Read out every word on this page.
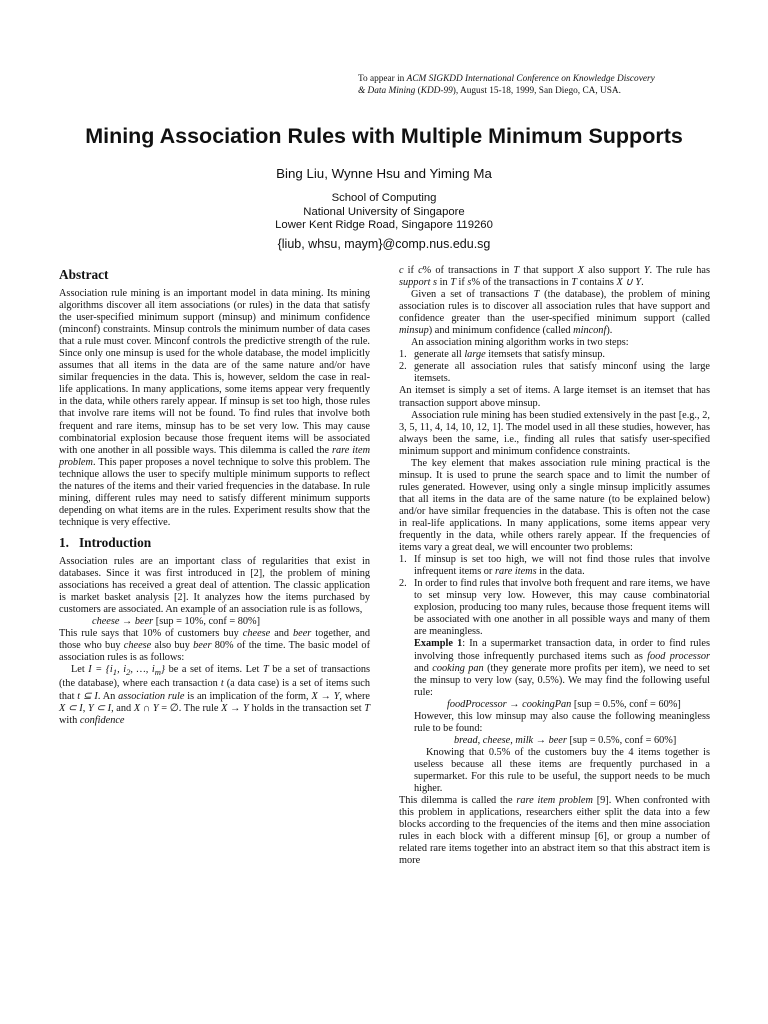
To appear in ACM SIGKDD International Conference on Knowledge Discovery
& Data Mining (KDD-99), August 15-18, 1999, San Diego, CA, USA.
Mining Association Rules with Multiple Minimum Supports
Bing Liu, Wynne Hsu and Yiming Ma
School of Computing
National University of Singapore
Lower Kent Ridge Road, Singapore 119260
{liub, whsu, maym}@comp.nus.edu.sg
Abstract

Association rule mining is an important model in data mining. Its mining algorithms discover all item associations (or rules) in the data that satisfy the user-specified minimum support (minsup) and minimum confidence (minconf) constraints. Minsup controls the minimum number of data cases that a rule must cover. Minconf controls the predictive strength of the rule. Since only one minsup is used for the whole database, the model implicitly assumes that all items in the data are of the same nature and/or have similar frequencies in the data. This is, however, seldom the case in real-life applications. In many applications, some items appear very frequently in the data, while others rarely appear. If minsup is set too high, those rules that involve rare items will not be found. To find rules that involve both frequent and rare items, minsup has to be set very low. This may cause combinatorial explosion because those frequent items will be associated with one another in all possible ways. This dilemma is called the rare item problem. This paper proposes a novel technique to solve this problem. The technique allows the user to specify multiple minimum supports to reflect the natures of the items and their varied frequencies in the database. In rule mining, different rules may need to satisfy different minimum supports depending on what items are in the rules. Experiment results show that the technique is very effective.

1. Introduction

Association rules are an important class of regularities that exist in databases. Since it was first introduced in [2], the problem of mining associations has received a great deal of attention. The classic application is market basket analysis [2]. It analyzes how the items purchased by customers are associated. An example of an association rule is as follows,

cheese → beer [sup = 10%, conf = 80%]

This rule says that 10% of customers buy cheese and beer together, and those who buy cheese also buy beer 80% of the time. The basic model of association rules is as follows:

Let $I = \{i_1$, $i_2$, …, $i_m$} be a set of items. Let T be a set of transactions (the database), where each transaction t (a data case) is a set of items such that t ⊆ I. An association rule is an implication of the form, X → Y, where X ⊂ I, Y ⊂ I, and X ∩ Y = ∅. The rule X → Y holds in the transaction set T with confidence

c if c% of transactions in T that support X also support Y. The rule has support s in T if s% of the transactions in T contains X ∪ Y.

Given a set of transactions T (the database), the problem of mining association rules is to discover all association rules that have support and confidence greater than the user-specified minimum support (called minsup) and minimum confidence (called minconf).

An association mining algorithm works in two steps:

1. generate all large itemsets that satisfy minsup.
2. generate all association rules that satisfy minconf using the large itemsets.

An itemset is simply a set of items. A large itemset is an itemset that has transaction support above minsup.

Association rule mining has been studied extensively in the past [e.g., 2, 3, 5, 11, 4, 14, 10, 12, 1]. The model used in all these studies, however, has always been the same, i.e., finding all rules that satisfy user-specified minimum support and minimum confidence constraints.

The key element that makes association rule mining practical is the minsup. It is used to prune the search space and to limit the number of rules generated. However, using only a single minsup implicitly assumes that all items in the data are of the same nature (to be explained below) and/or have similar frequencies in the database. This is often not the case in real-life applications. In many applications, some items appear very frequently in the data, while others rarely appear. If the frequencies of items vary a great deal, we will encounter two problems:

1. If minsup is set too high, we will not find those rules that involve infrequent items or rare items in the data.
2. In order to find rules that involve both frequent and rare items, we have to set minsup very low. However, this may cause combinatorial explosion, producing too many rules, because those frequent items will be associated with one another in all possible ways and many of them are meaningless.

Example 1: In a supermarket transaction data, in order to find rules involving those infrequently purchased items such as food processor and cooking pan (they generate more profits per item), we need to set the minsup to very low (say, 0.5%). We may find the following useful rule:

foodProcessor → cookingPan [sup = 0.5%, conf = 60%]

However, this low minsup may also cause the following meaningless rule to be found:

bread, cheese, milk → beer [sup = 0.5%, conf = 60%]

Knowing that 0.5% of the customers buy the 4 items together is useless because all these items are frequently purchased in a supermarket. For this rule to be useful, the support needs to be much higher.

This dilemma is called the rare item problem [9]. When confronted with this problem in applications, researchers either split the data into a few blocks according to the frequencies of the items and then mine association rules in each block with a different minsup [6], or group a number of related rare items together into an abstract item so that this abstract item is more
